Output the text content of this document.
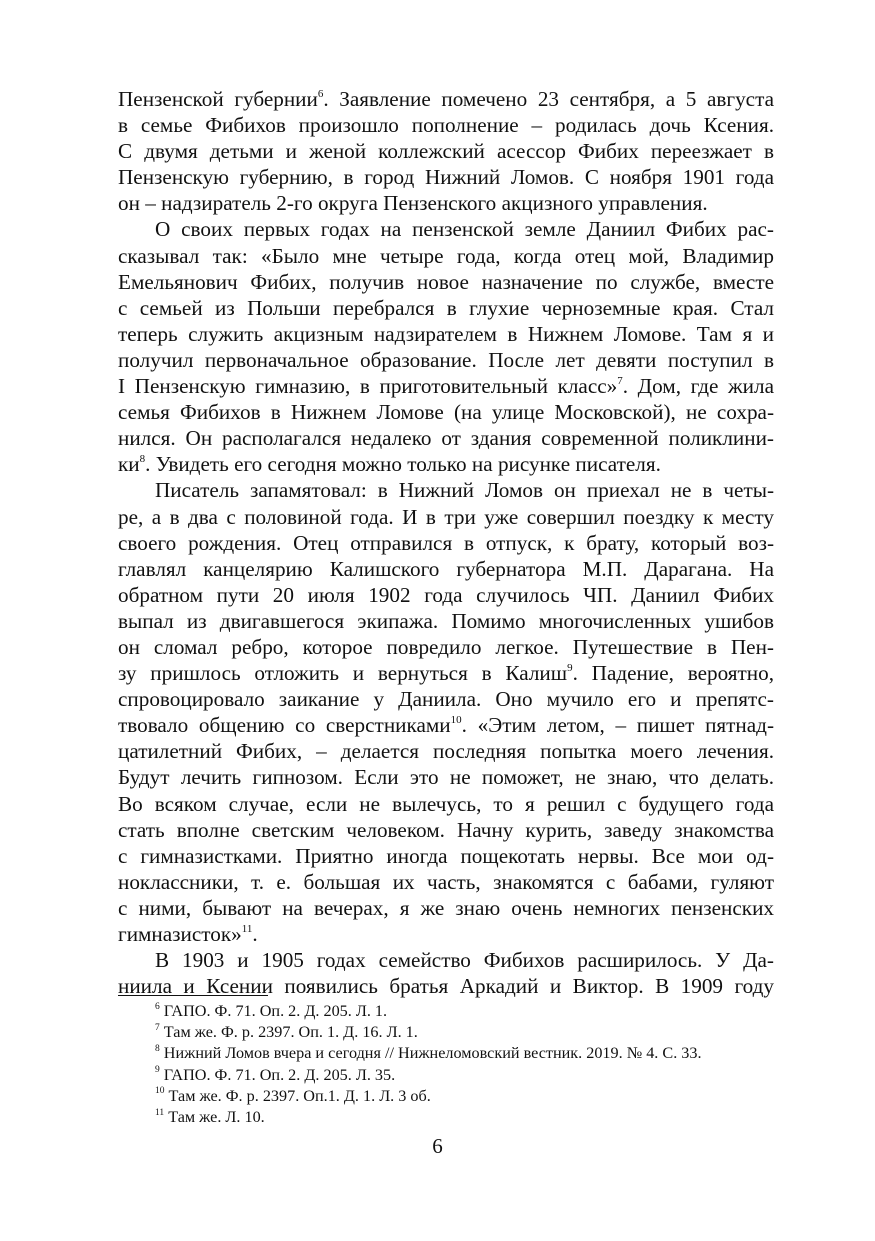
Пензенской губернии$^6$. Заявление помечено 23 сентября, а 5 августа
в семье Фибихов произошло пополнение – родилась дочь Ксения.
С двумя детьми и женой коллежский асессор Фибих переезжает в
Пензенскую губернию, в город Нижний Ломов. С ноября 1901 года
он – надзиратель 2-го округа Пензенского акцизного управления.
О своих первых годах на пензенской земле Даниил Фибих рас-
сказывал так: «Было мне четыре года, когда отец мой, Владимир
Емельянович Фибих, получив новое назначение по службе, вместе
с семьей из Польши перебрался в глухие черноземные края. Стал
теперь служить акцизным надзирателем в Нижнем Ломове. Там я и
получил первоначальное образование. После лет девяти поступил в
I Пензенскую гимназию, в приготовительный класс»$^7$. Дом, где жила
семья Фибихов в Нижнем Ломове (на улице Московской), не сохра-
нился. Он располагался недалеко от здания современной поликлини-
$ки^8$. Увидеть его сегодня можно только на рисунке писателя.
Писатель запамятовал: в Нижний Ломов он приехал не в четы-
ре, а в два с половиной года. И в три уже совершил поездку к месту
своего рождения. Отец отправился в отпуск, к брату, который воз-
главлял канцелярию Калишского губернатора М.П. Дарагана. На
обратном пути 20 июля 1902 года случилось ЧП. Даниил Фибих
выпал из двигавшегося экипажа. Помимо многочисленных ушибов
он сломал ребро, которое повредило легкое. Путешествие в Пен-
зу пришлось отложить и вернуться в Калиш$^9$. Падение, вероятно,
спровоцировало заикание у Даниила. Оно мучило его и препятс-
твовало общению со сверстниками$^{10}$. «Этим летом, – пишет пятнад-
цатилетний Фибих, – делается последняя попытка моего лечения.
Будут лечить гипнозом. Если это не поможет, не знаю, что делать.
Во всяком случае, если не вылечусь, то я решил с будущего года
стать вполне светским человеком. Начну курить, заведу знакомства
с гимназистками. Приятно иногда пощекотать нервы. Все мои од-
ноклассники, т. е. большая их часть, знакомятся с бабами, гуляют
с ними, бывают на вечерах, я же знаю очень немногих пензенских
гимназисток»$^{11}$.
В 1903 и 1905 годах семейство Фибихов расширилось. У Да-
ниила и Ксении появились братья Аркадий и Виктор. В 1909 году
$^6$ ГАПО. Ф. 71. Оп. 2. Д. 205. Л. 1.
$^7$ Там же. Ф. р. 2397. Оп. 1. Д. 16. Л. 1.
$^8$ Нижний Ломов вчера и сегодня // Нижнеломовский вестник. 2019. № 4. С. 33.
$^9$ ГАПО. Ф. 71. Оп. 2. Д. 205. Л. 35.
$^{10}$ Там же. Ф. р. 2397. Оп.1. Д. 1. Л. 3 об.
$^{11}$ Там же. Л. 10.
6
